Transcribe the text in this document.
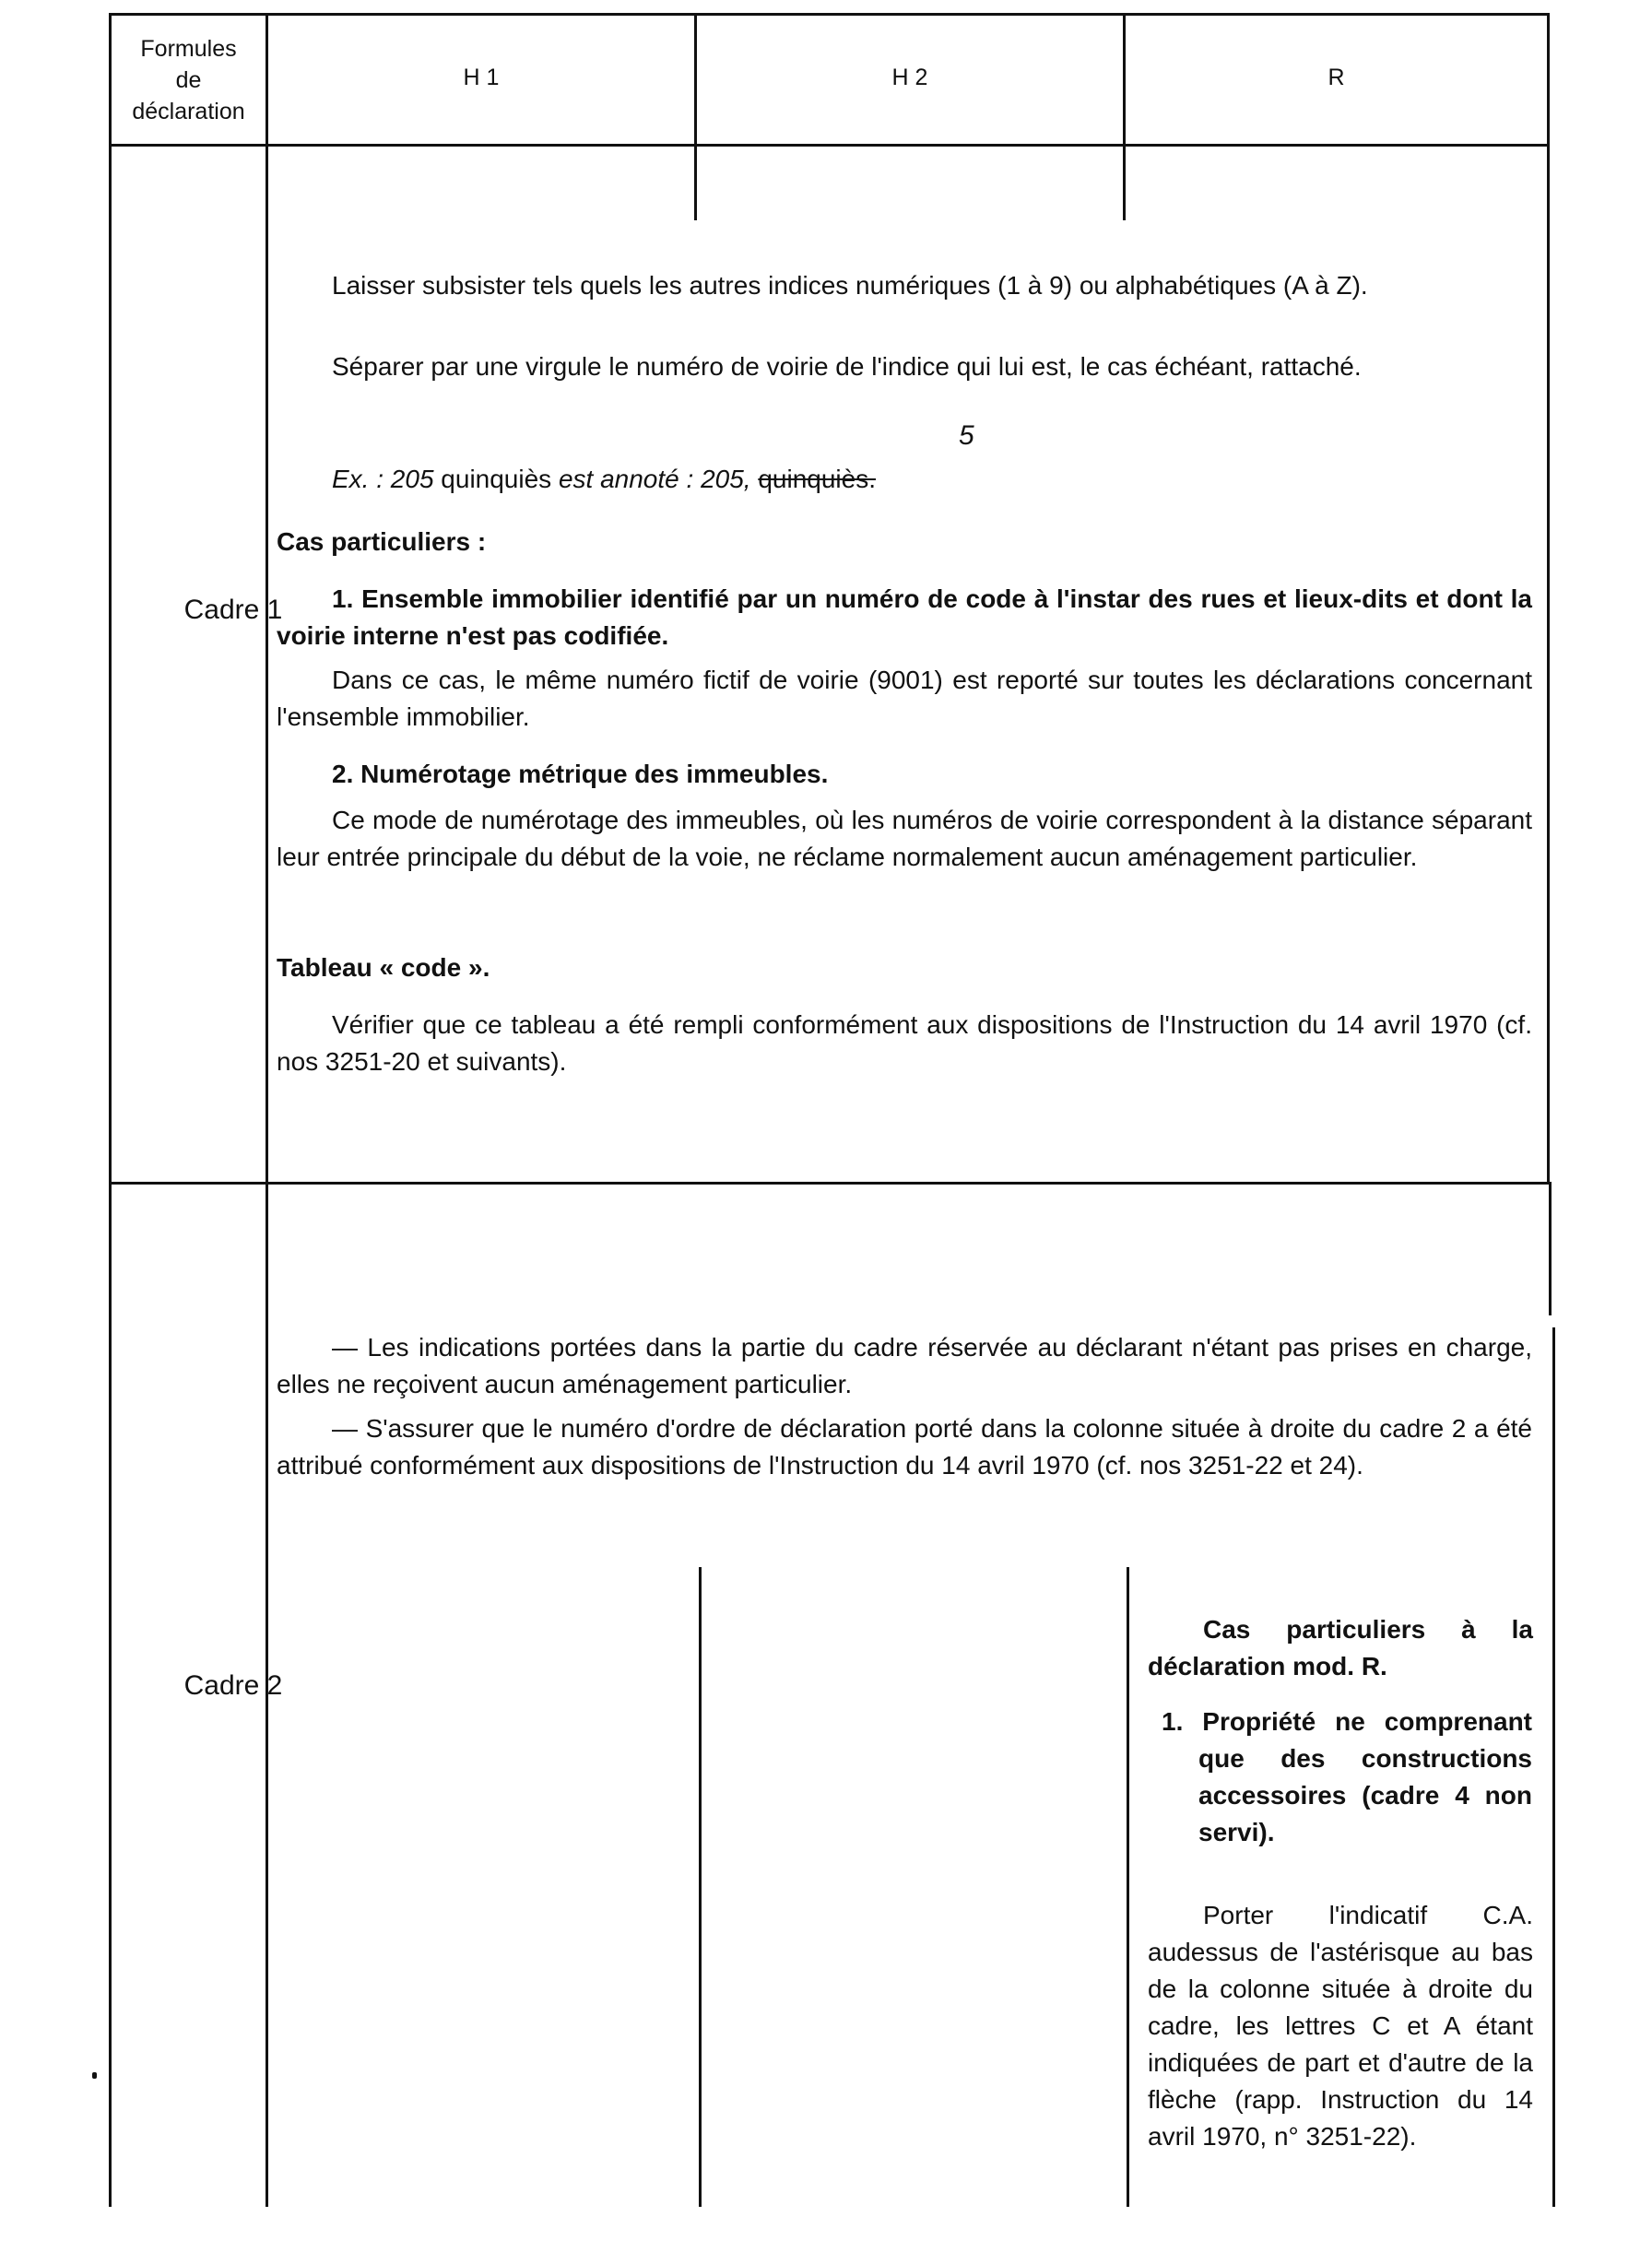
Formules
de
déclaration
H 1	H 2	R
Cadre 1
Laisser subsister tels quels les autres indices numériques (1 à 9) ou alphabétiques (A à Z).
Séparer par une virgule le numéro de voirie de l'indice qui lui est, le cas échéant, rattaché.
5
Ex. : 205 quinquiès est annoté : 205, quinquiès.
Cas particuliers :
1. Ensemble immobilier identifié par un numéro de code à l'instar des rues et lieux-dits et dont la voirie interne n'est pas codifiée.
Dans ce cas, le même numéro fictif de voirie (9001) est reporté sur toutes les déclarations concernant l'ensemble immobilier.
2. Numérotage métrique des immeubles.
Ce mode de numérotage des immeubles, où les numéros de voirie correspondent à la distance séparant leur entrée principale du début de la voie, ne réclame normalement aucun aménagement particulier.
Tableau « code ».
Vérifier que ce tableau a été rempli conformément aux dispositions de l'Instruction du 14 avril 1970 (cf. nos 3251-20 et suivants).
Cadre 2
— Les indications portées dans la partie du cadre réservée au déclarant n'étant pas prises en charge, elles ne reçoivent aucun aménagement particulier.
— S'assurer que le numéro d'ordre de déclaration porté dans la colonne située à droite du cadre 2 a été attribué conformément aux dispositions de l'Instruction du 14 avril 1970 (cf. nos 3251-22 et 24).
Cas particuliers à la déclaration mod. R.
1. Propriété ne comprenant que des constructions accessoires (cadre 4 non servi).
Porter l'indicatif C.A. audessus de l'astérisque au bas de la colonne située à droite du cadre, les lettres C et A étant indiquées de part et d'autre de la flèche (rapp. Instruction du 14 avril 1970, n° 3251-22).
